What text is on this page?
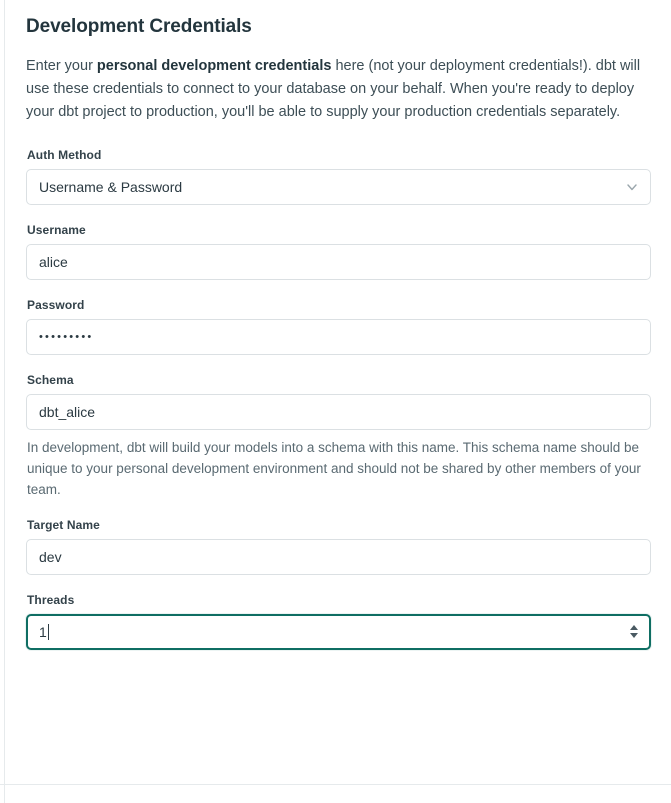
Development Credentials

Enter your personal development credentials here (not your deployment credentials!). dbt will use these credentials to connect to your database on your behalf. When you're ready to deploy your dbt project to production, you'll be able to supply your production credentials separately.

Auth Method
Username & Password
Username
alice
Password
•••••••••
Schema
dbt_alice

In development, dbt will build your models into a schema with this name. This schema name should be unique to your personal development environment and should not be shared by other members of your team.

Target Name
dev
Threads
1
